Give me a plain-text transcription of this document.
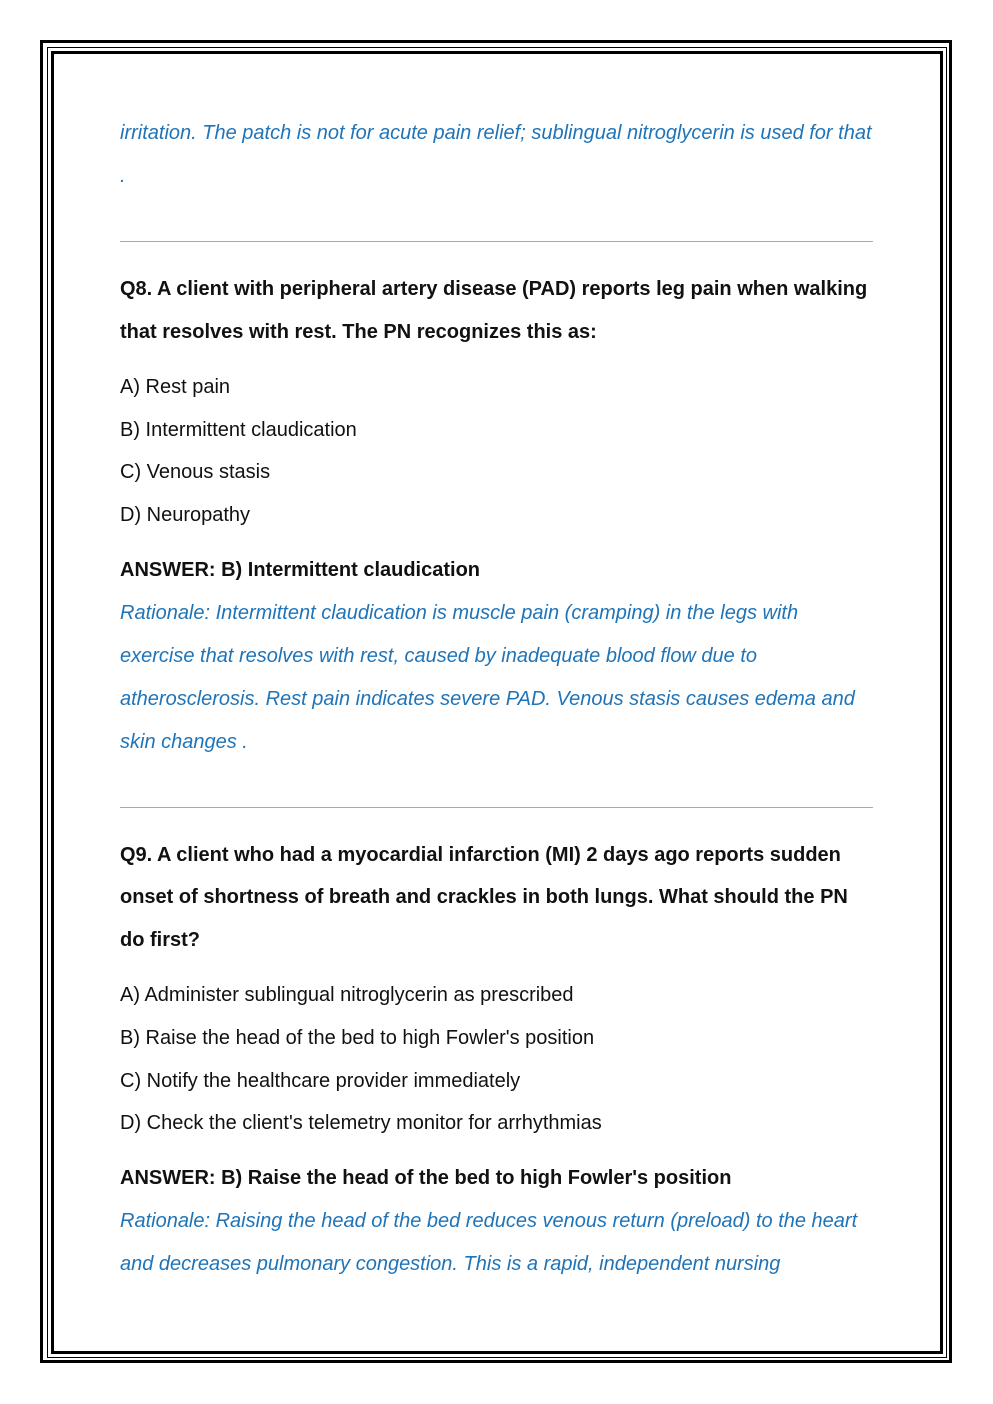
irritation. The patch is not for acute pain relief; sublingual nitroglycerin is used for that .

Q8. A client with peripheral artery disease (PAD) reports leg pain when walking that resolves with rest. The PN recognizes this as:

A) Rest pain
B) Intermittent claudication
C) Venous stasis
D) Neuropathy

ANSWER: B) Intermittent claudication

Rationale: Intermittent claudication is muscle pain (cramping) in the legs with exercise that resolves with rest, caused by inadequate blood flow due to atherosclerosis. Rest pain indicates severe PAD. Venous stasis causes edema and skin changes .

Q9. A client who had a myocardial infarction (MI) 2 days ago reports sudden onset of shortness of breath and crackles in both lungs. What should the PN do first?

A) Administer sublingual nitroglycerin as prescribed
B) Raise the head of the bed to high Fowler's position
C) Notify the healthcare provider immediately
D) Check the client's telemetry monitor for arrhythmias

ANSWER: B) Raise the head of the bed to high Fowler's position

Rationale: Raising the head of the bed reduces venous return (preload) to the heart and decreases pulmonary congestion. This is a rapid, independent nursing
